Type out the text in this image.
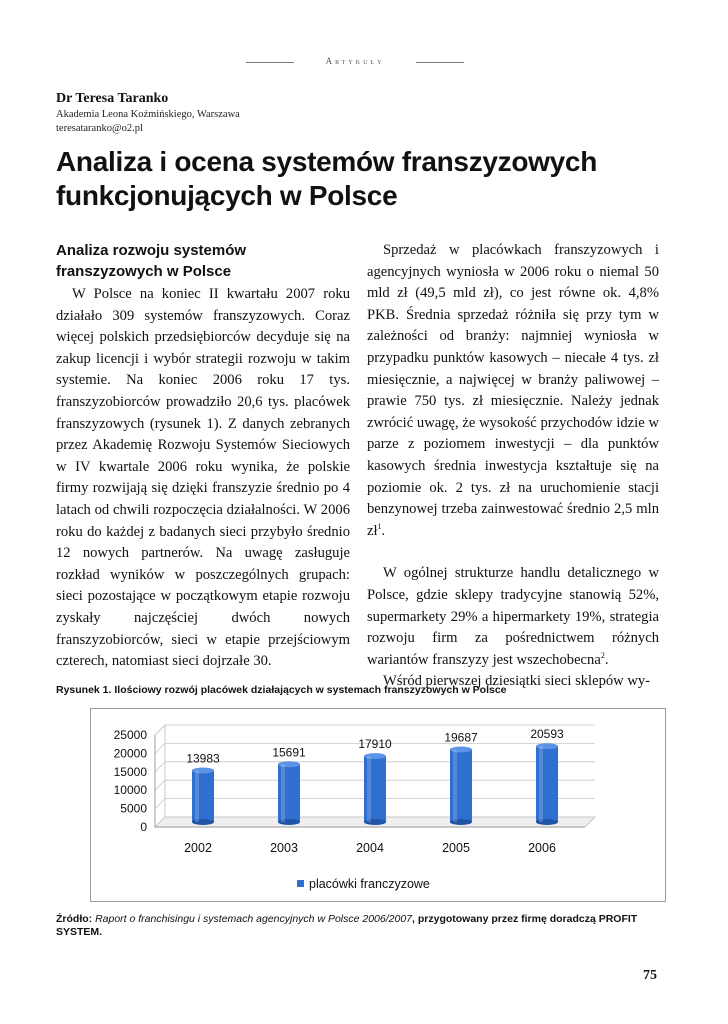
Artykuły
Dr Teresa Taranko
Akademia Leona Koźmińskiego, Warszawa
teresataranko@o2.pl
Analiza i ocena systemów franszyzowych funkcjonujących w Polsce
Analiza rozwoju systemów franszyzowych w Polsce

W Polsce na koniec II kwartału 2007 roku działało 309 systemów franszyzowych. Coraz więcej polskich przedsiębiorców decyduje się na zakup licencji i wybór strategii rozwoju w takim systemie. Na koniec 2006 roku 17 tys. franszyzobiorców prowadziło 20,6 tys. placówek franszyzowych (rysunek 1). Z danych zebranych przez Akademię Rozwoju Systemów Sieciowych w IV kwartale 2006 roku wynika, że polskie firmy rozwijają się dzięki franszyzie średnio po 4 latach od chwili rozpoczęcia działalności. W 2006 roku do każdej z badanych sieci przybyło średnio 12 nowych partnerów. Na uwagę zasługuje rozkład wyników w poszczególnych grupach: sieci pozostające w początkowym etapie rozwoju zyskały najczęściej dwóch nowych franszyzobiorców, sieci w etapie przejściowym czterech, natomiast sieci dojrzałe 30.

Sprzedaż w placówkach franszyzowych i agencyjnych wyniosła w 2006 roku o niemal 50 mld zł (49,5 mld zł), co jest równe ok. 4,8% PKB. Średnia sprzedaż różniła się przy tym w zależności od branży: najmniej wyniosła w przypadku punktów kasowych – niecałe 4 tys. zł miesięcznie, a najwięcej w branży paliwowej – prawie 750 tys. zł miesięcznie. Należy jednak zwrócić uwagę, że wysokość przychodów idzie w parze z poziomem inwestycji – dla punktów kasowych średnia inwestycja kształtuje się na poziomie ok. 2 tys. zł na uruchomienie stacji benzynowej trzeba zainwestować średnio 2,5 mln $zł^1$.

W ogólnej strukturze handlu detalicznego w Polsce, gdzie sklepy tradycyjne stanowią 52%, supermarkety 29% a hipermarkety 19%, strategia rozwoju firm za pośrednictwem różnych wariantów franszyzy jest wszechobecna$^2$.

Wśród pierwszej dziesiątki sieci sklepów wy-

Rysunek 1. Ilościowy rozwój placówek działających w systemach franszyzowych w Polsce
0
5000
10000
15000
20000
25000
13983
2002
15691
2003
17910
2004
19687
2005
20593
2006
placówki franczyzowe
Źródło: Raport o franchisingu i systemach agencyjnych w Polsce 2006/2007, przygotowany przez firmę doradczą PROFIT SYSTEM.
75
